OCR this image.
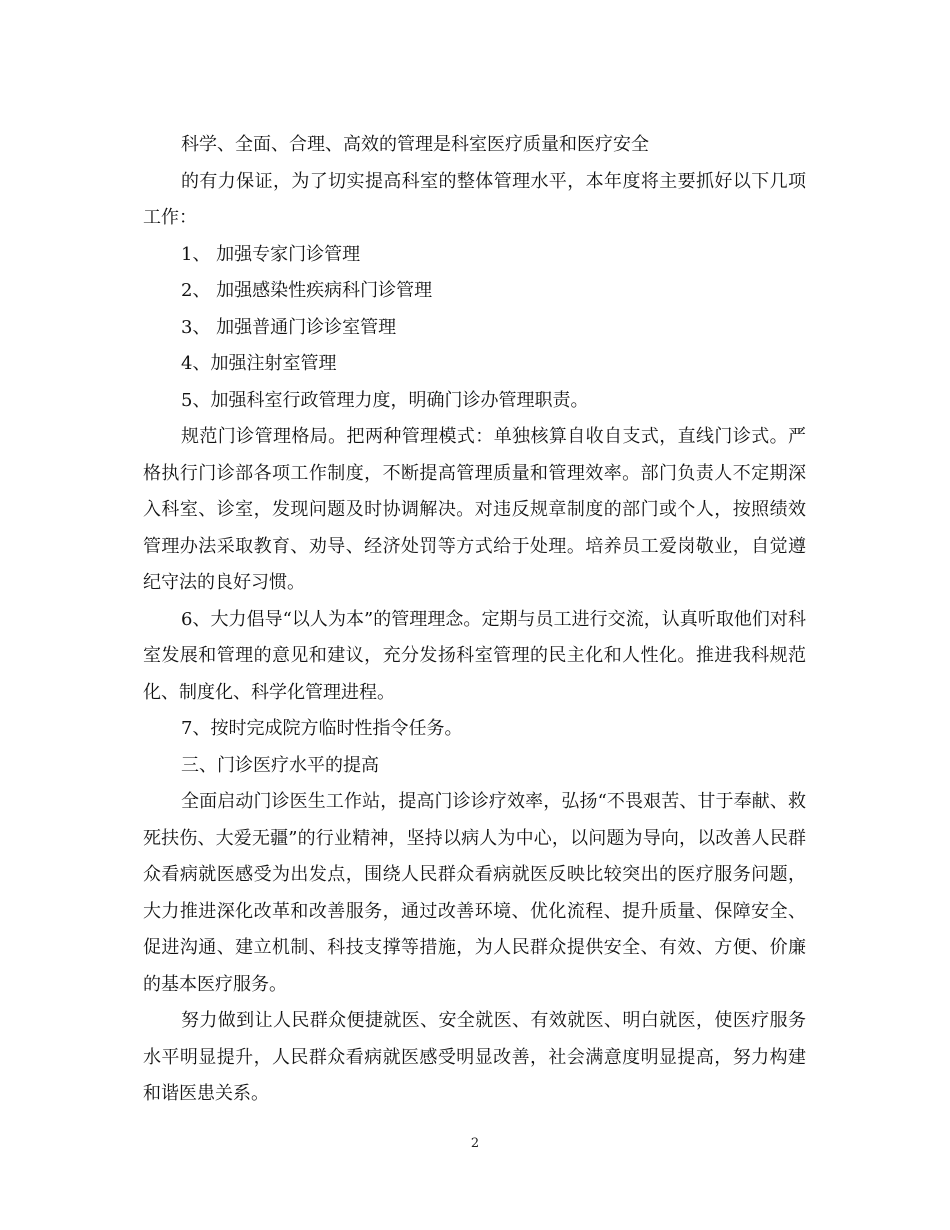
科学、全面、合理、高效的管理是科室医疗质量和医疗安全

的有力保证，为了切实提高科室的整体管理水平，本年度将主要抓好以下几项工作：

1、 加强专家门诊管理

2、 加强感染性疾病科门诊管理

3、 加强普通门诊诊室管理

4、加强注射室管理

5、加强科室行政管理力度，明确门诊办管理职责。

规范门诊管理格局。把两种管理模式：单独核算自收自支式，直线门诊式。严格执行门诊部各项工作制度，不断提高管理质量和管理效率。部门负责人不定期深入科室、诊室，发现问题及时协调解决。对违反规章制度的部门或个人，按照绩效管理办法采取教育、劝导、经济处罚等方式给于处理。培养员工爱岗敬业，自觉遵纪守法的良好习惯。

6、大力倡导“以人为本”的管理理念。定期与员工进行交流，认真听取他们对科室发展和管理的意见和建议，充分发扬科室管理的民主化和人性化。推进我科规范化、制度化、科学化管理进程。

7、按时完成院方临时性指令任务。

三、门诊医疗水平的提高

全面启动门诊医生工作站，提高门诊诊疗效率，弘扬“不畏艰苦、甘于奉献、救死扶伤、大爱无疆”的行业精神，坚持以病人为中心，以问题为导向，以改善人民群众看病就医感受为出发点，围绕人民群众看病就医反映比较突出的医疗服务问题，大力推进深化改革和改善服务，通过改善环境、优化流程、提升质量、保障安全、促进沟通、建立机制、科技支撑等措施，为人民群众提供安全、有效、方便、价廉的基本医疗服务。

努力做到让人民群众便捷就医、安全就医、有效就医、明白就医，使医疗服务水平明显提升，人民群众看病就医感受明显改善，社会满意度明显提高，努力构建和谐医患关系。

2
